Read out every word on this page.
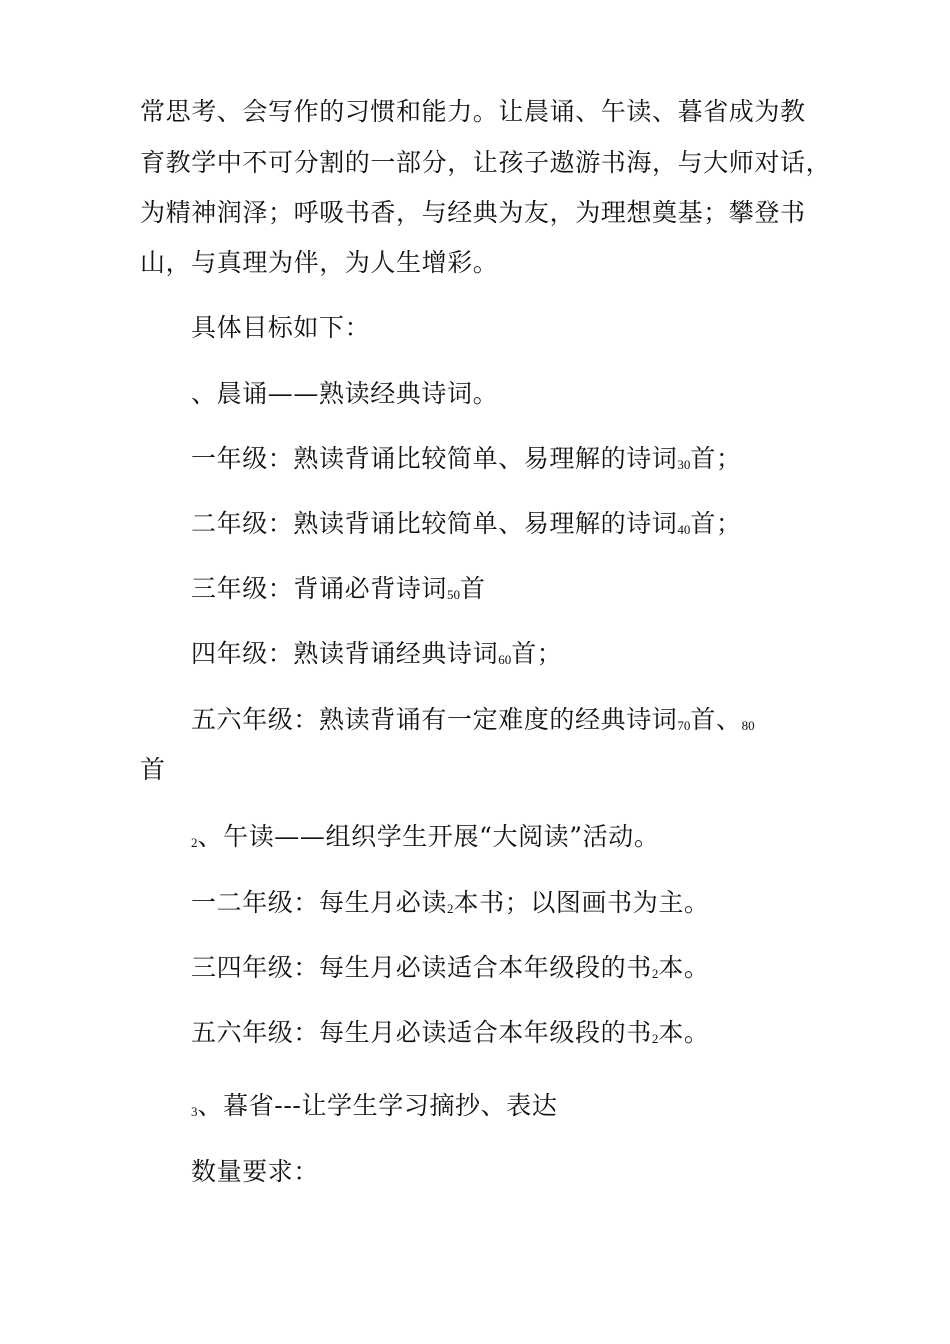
常思考、会写作的习惯和能力。让晨诵、午读、暮省成为教
育教学中不可分割的一部分，让孩子遨游书海，与大师对话，
为精神润泽；呼吸书香，与经典为友，为理想奠基；攀登书
山，与真理为伴，为人生增彩。
具体目标如下：
、晨诵——熟读经典诗词。
一年级：熟读背诵比较简单、易理解的诗词30首；
二年级：熟读背诵比较简单、易理解的诗词40首；
三年级：背诵必背诗词50首
四年级：熟读背诵经典诗词60首；
五六年级：熟读背诵有一定难度的经典诗词70首、80
首
2、午读——组织学生开展“大阅读”活动。
一二年级：每生月必读2本书；以图画书为主。
三四年级：每生月必读适合本年级段的书2本。
五六年级：每生月必读适合本年级段的书2本。
3、暮省---让学生学习摘抄、表达
数量要求：
